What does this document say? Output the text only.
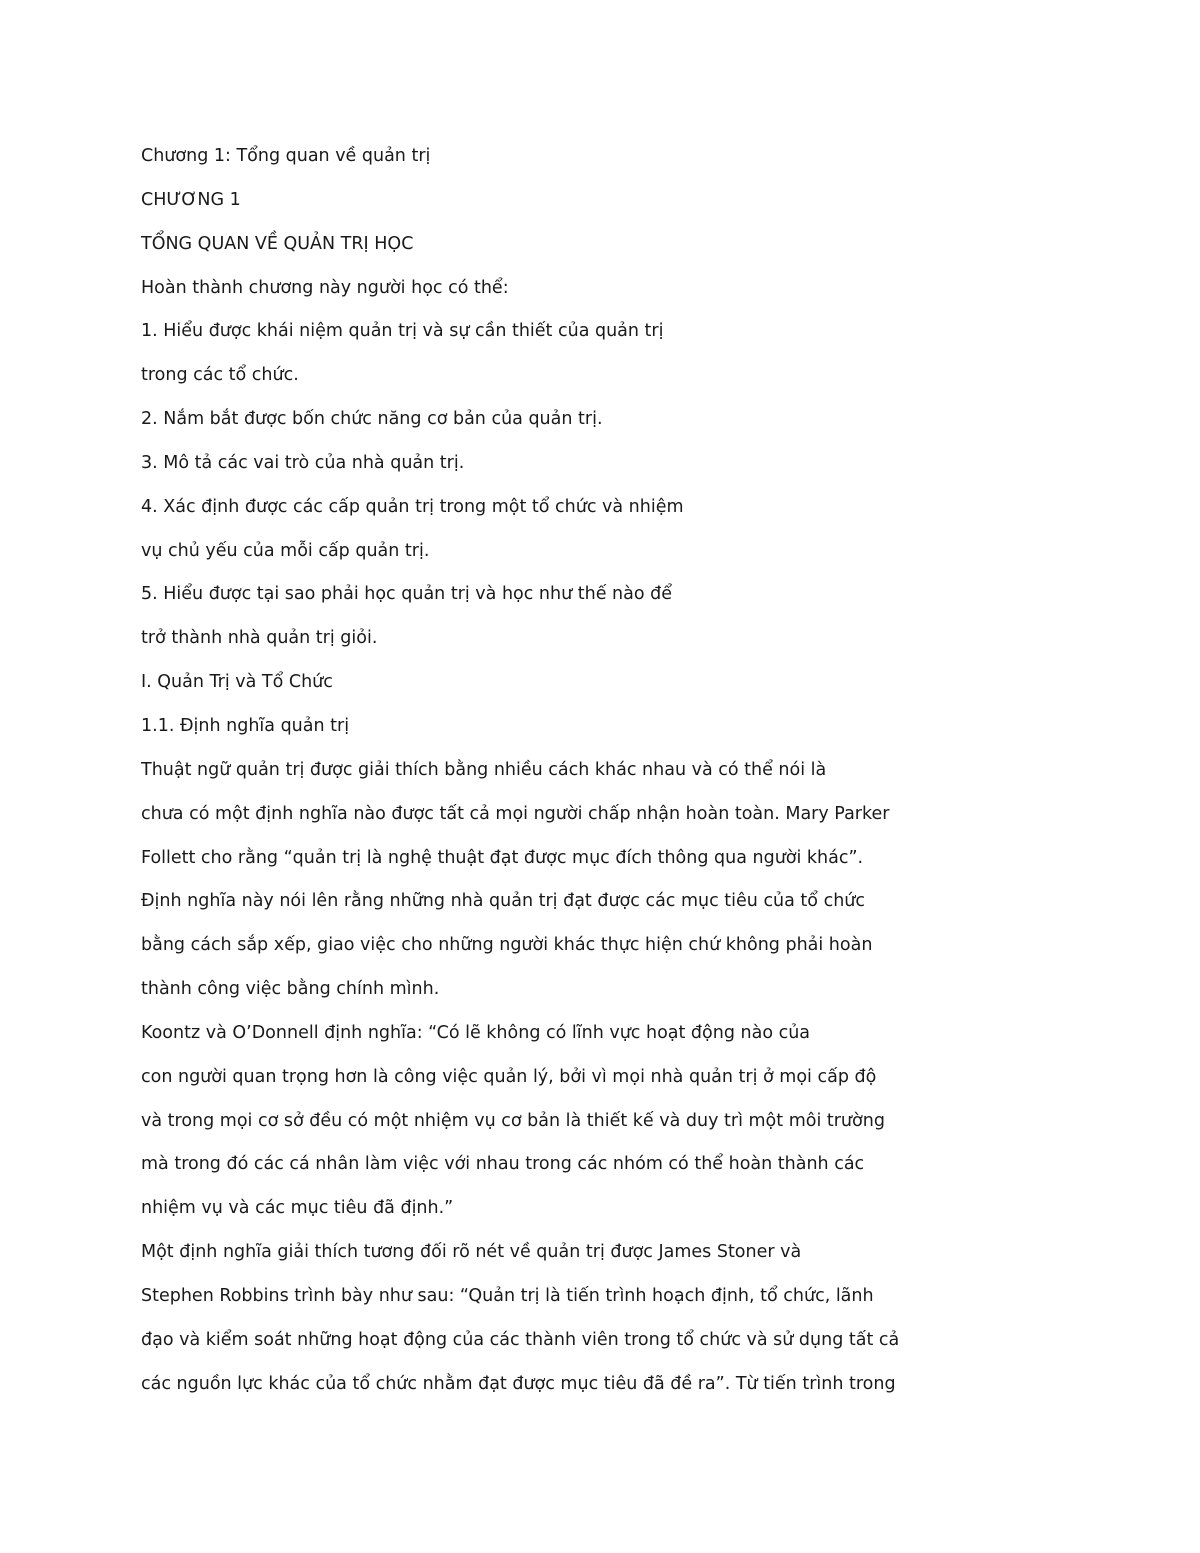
Chương 1: Tổng quan về quản trị
CHƯƠNG 1
TỔNG QUAN VỀ QUẢN TRỊ HỌC
Hoàn thành chương này người học có thể:
1. Hiểu được khái niệm quản trị và sự cần thiết của quản trị
trong các tổ chức.
2. Nắm bắt được bốn chức năng cơ bản của quản trị.
3. Mô tả các vai trò của nhà quản trị.
4. Xác định được các cấp quản trị trong một tổ chức và nhiệm
vụ chủ yếu của mỗi cấp quản trị.
5. Hiểu được tại sao phải học quản trị và học như thế nào để
trở thành nhà quản trị giỏi.
I. Quản Trị và Tổ Chức
1.1. Định nghĩa quản trị
Thuật ngữ quản trị được giải thích bằng nhiều cách khác nhau và có thể nói là
chưa có một định nghĩa nào được tất cả mọi người chấp nhận hoàn toàn. Mary Parker
Follett cho rằng “quản trị là nghệ thuật đạt được mục đích thông qua người khác”.
Định nghĩa này nói lên rằng những nhà quản trị đạt được các mục tiêu của tổ chức
bằng cách sắp xếp, giao việc cho những người khác thực hiện chứ không phải hoàn
thành công việc bằng chính mình.
Koontz và O’Donnell định nghĩa: “Có lẽ không có lĩnh vực hoạt động nào của
con người quan trọng hơn là công việc quản lý, bởi vì mọi nhà quản trị ở mọi cấp độ
và trong mọi cơ sở đều có một nhiệm vụ cơ bản là thiết kế và duy trì một môi trường
mà trong đó các cá nhân làm việc với nhau trong các nhóm có thể hoàn thành các
nhiệm vụ và các mục tiêu đã định.”
Một định nghĩa giải thích tương đối rõ nét về quản trị được James Stoner và
Stephen Robbins trình bày như sau: “Quản trị là tiến trình hoạch định, tổ chức, lãnh
đạo và kiểm soát những hoạt động của các thành viên trong tổ chức và sử dụng tất cả
các nguồn lực khác của tổ chức nhằm đạt được mục tiêu đã đề ra”. Từ tiến trình trong
